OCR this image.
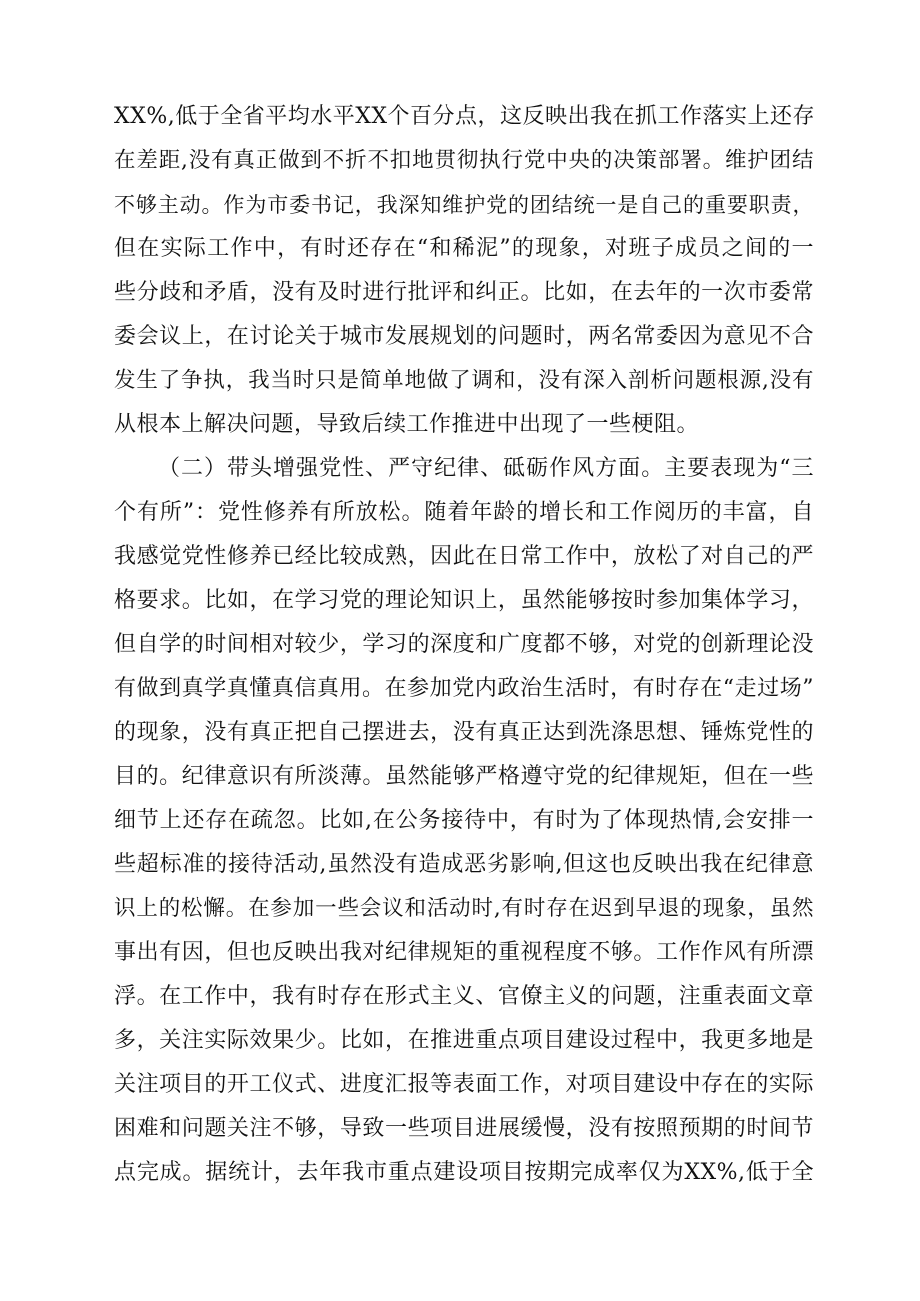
XX%,低于全省平均水平XX个百分点，这反映出我在抓工作落实上还存
在差距,没有真正做到不折不扣地贯彻执行党中央的决策部署。维护团结
不够主动。作为市委书记，我深知维护党的团结统一是自己的重要职责，
但在实际工作中，有时还存在“和稀泥”的现象，对班子成员之间的一
些分歧和矛盾，没有及时进行批评和纠正。比如，在去年的一次市委常
委会议上，在讨论关于城市发展规划的问题时，两名常委因为意见不合
发生了争执，我当时只是简单地做了调和，没有深入剖析问题根源,没有
从根本上解决问题，导致后续工作推进中出现了一些梗阻。
（二）带头增强党性、严守纪律、砥砺作风方面。主要表现为“三
个有所”：党性修养有所放松。随着年龄的增长和工作阅历的丰富，自
我感觉党性修养已经比较成熟，因此在日常工作中，放松了对自己的严
格要求。比如，在学习党的理论知识上，虽然能够按时参加集体学习，
但自学的时间相对较少，学习的深度和广度都不够，对党的创新理论没
有做到真学真懂真信真用。在参加党内政治生活时，有时存在“走过场”
的现象，没有真正把自己摆进去，没有真正达到洗涤思想、锤炼党性的
目的。纪律意识有所淡薄。虽然能够严格遵守党的纪律规矩，但在一些
细节上还存在疏忽。比如,在公务接待中，有时为了体现热情,会安排一
些超标准的接待活动,虽然没有造成恶劣影响,但这也反映出我在纪律意
识上的松懈。在参加一些会议和活动时,有时存在迟到早退的现象，虽然
事出有因，但也反映出我对纪律规矩的重视程度不够。工作作风有所漂
浮。在工作中，我有时存在形式主义、官僚主义的问题，注重表面文章
多，关注实际效果少。比如，在推进重点项目建设过程中，我更多地是
关注项目的开工仪式、进度汇报等表面工作，对项目建设中存在的实际
困难和问题关注不够，导致一些项目进展缓慢，没有按照预期的时间节
点完成。据统计，去年我市重点建设项目按期完成率仅为XX%,低于全
